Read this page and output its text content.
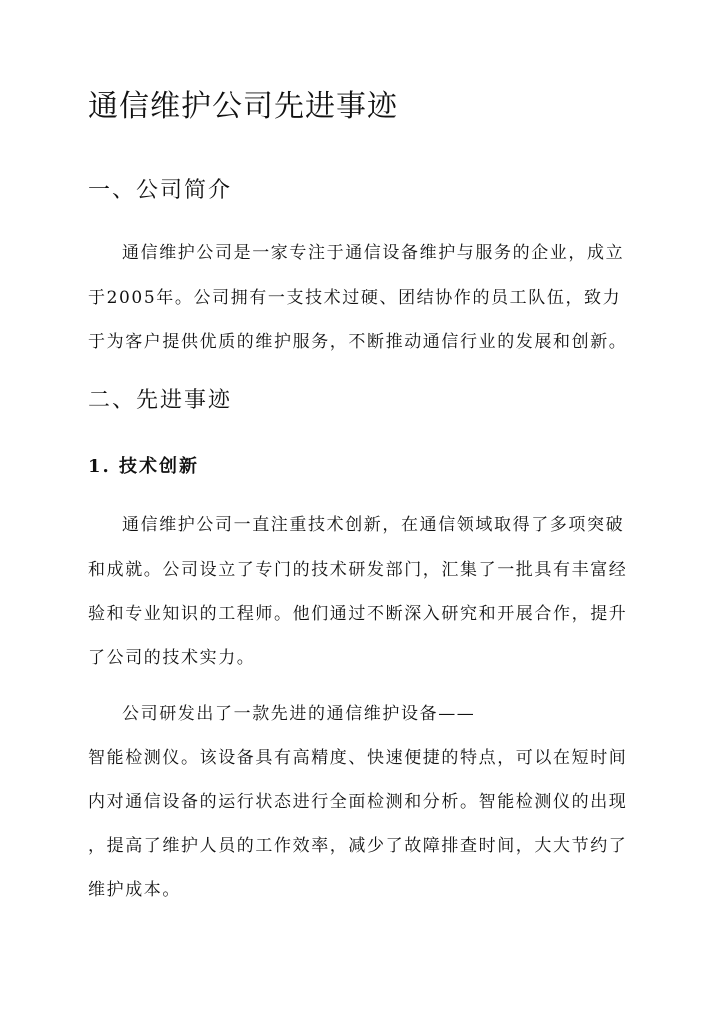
通信维护公司先进事迹
一、公司简介
通信维护公司是一家专注于通信设备维护与服务的企业，成立
于2005年。公司拥有一支技术过硬、团结协作的员工队伍，致力
于为客户提供优质的维护服务，不断推动通信行业的发展和创新。
二、先进事迹
1. 技术创新
通信维护公司一直注重技术创新，在通信领域取得了多项突破
和成就。公司设立了专门的技术研发部门，汇集了一批具有丰富经
验和专业知识的工程师。他们通过不断深入研究和开展合作，提升
了公司的技术实力。
公司研发出了一款先进的通信维护设备——
智能检测仪。该设备具有高精度、快速便捷的特点，可以在短时间
内对通信设备的运行状态进行全面检测和分析。智能检测仪的出现
，提高了维护人员的工作效率，减少了故障排查时间，大大节约了
维护成本。
